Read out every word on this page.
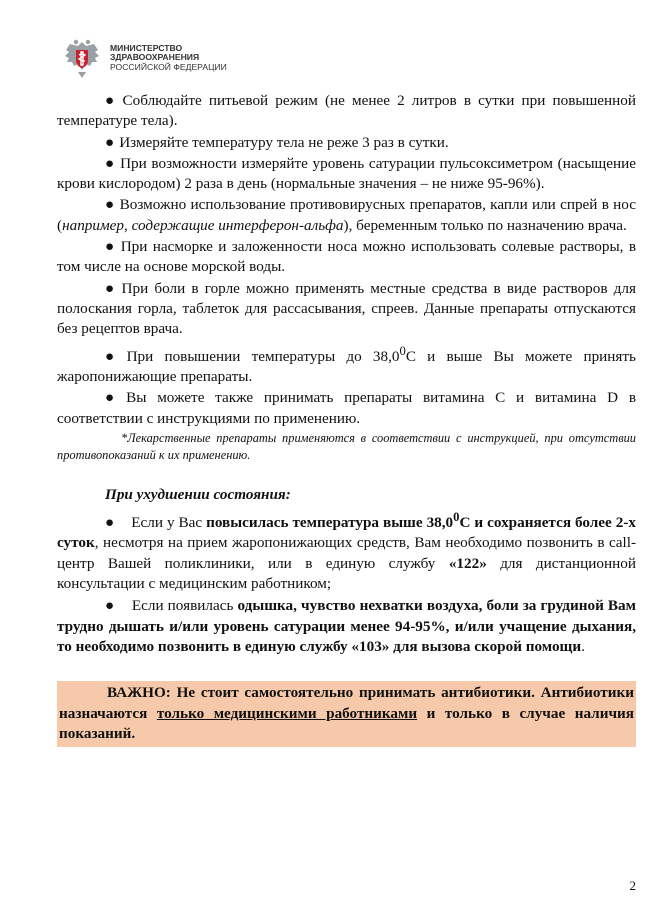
МИНИСТЕРСТВО
ЗДРАВООХРАНЕНИЯ
РОССИЙСКОЙ ФЕДЕРАЦИИ

● Соблюдайте питьевой режим (не менее 2 литров в сутки при повышенной температуре тела).

● Измеряйте температуру тела не реже 3 раз в сутки.

● При возможности измеряйте уровень сатурации пульсоксиметром (насыщение крови кислородом) 2 раза в день (нормальные значения – не ниже 95-96%).

● Возможно использование противовирусных препаратов, капли или спрей в нос (например, содержащие интерферон-альфа), беременным только по назначению врача.

● При насморке и заложенности носа можно использовать солевые растворы, в том числе на основе морской воды.

● При боли в горле можно применять местные средства в виде растворов для полоскания горла, таблеток для рассасывания, спреев. Данные препараты отпускаются без рецептов врача.

● При повышении температуры до 38,0$^0$С и выше Вы можете принять жаропонижающие препараты.

● Вы можете также принимать препараты витамина С и витамина D в соответствии с инструкциями по применению.

*Лекарственные препараты применяются в соответствии с инструкцией, при отсутствии противопоказаний к их применению.

При ухудшении состояния:

● Если у Вас повысилась температура выше 38,0$^0$С и сохраняется более 2-х суток, несмотря на прием жаропонижающих средств, Вам необходимо позвонить в call-центр Вашей поликлиники, или в единую службу «122» для дистанционной консультации с медицинским работником;

● Если появилась одышка, чувство нехватки воздуха, боли за грудиной Вам трудно дышать и/или уровень сатурации менее 94-95%, и/или учащение дыхания, то необходимо позвонить в единую службу «103» для вызова скорой помощи.

ВАЖНО: Не стоит самостоятельно принимать антибиотики. Антибиотики назначаются только медицинскими работниками и только в случае наличия показаний.

2
